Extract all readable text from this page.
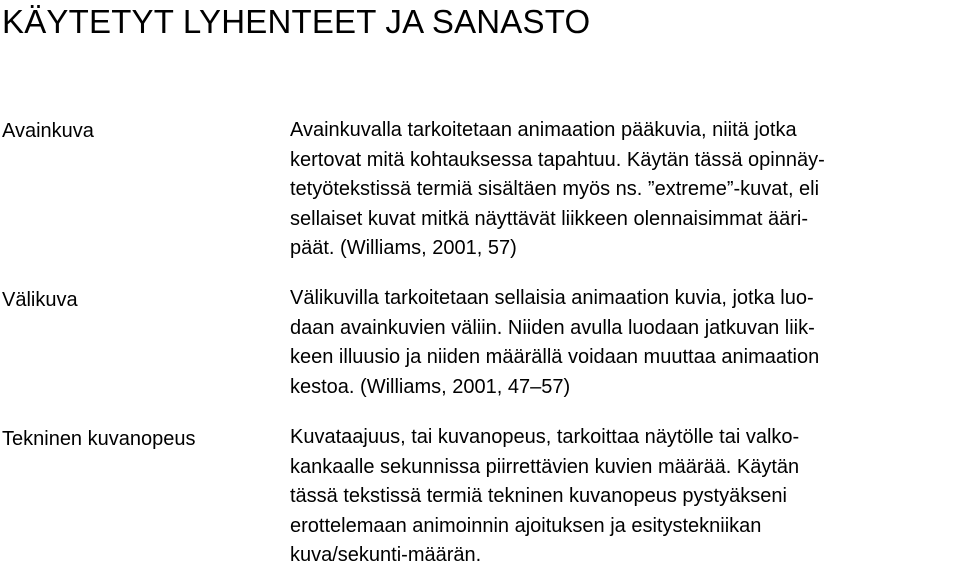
KÄYTETYT LYHENTEET JA SANASTO
Avainkuva	Avainkuvalla tarkoitetaan animaation pääkuvia, niitä jotka
kertovat mitä kohtauksessa tapahtuu. Käytän tässä opinnäy-
tetyötekstissä termiä sisältäen myös ns. ”extreme”-kuvat, eli
sellaiset kuvat mitkä näyttävät liikkeen olennaisimmat ääri-
päät. (Williams, 2001, 57)
Välikuva	Välikuvilla tarkoitetaan sellaisia animaation kuvia, jotka luo-
daan avainkuvien väliin. Niiden avulla luodaan jatkuvan liik-
keen illuusio ja niiden määrällä voidaan muuttaa animaation
kestoa. (Williams, 2001, 47–57)
Tekninen kuvanopeus	Kuvataajuus, tai kuvanopeus, tarkoittaa näytölle tai valko-
kankaalle sekunnissa piirrettävien kuvien määrää. Käytän
tässä tekstissä termiä tekninen kuvanopeus pystyäkseni
erottelemaan animoinnin ajoituksen ja esitystekniikan
kuva/sekunti-määrän.
